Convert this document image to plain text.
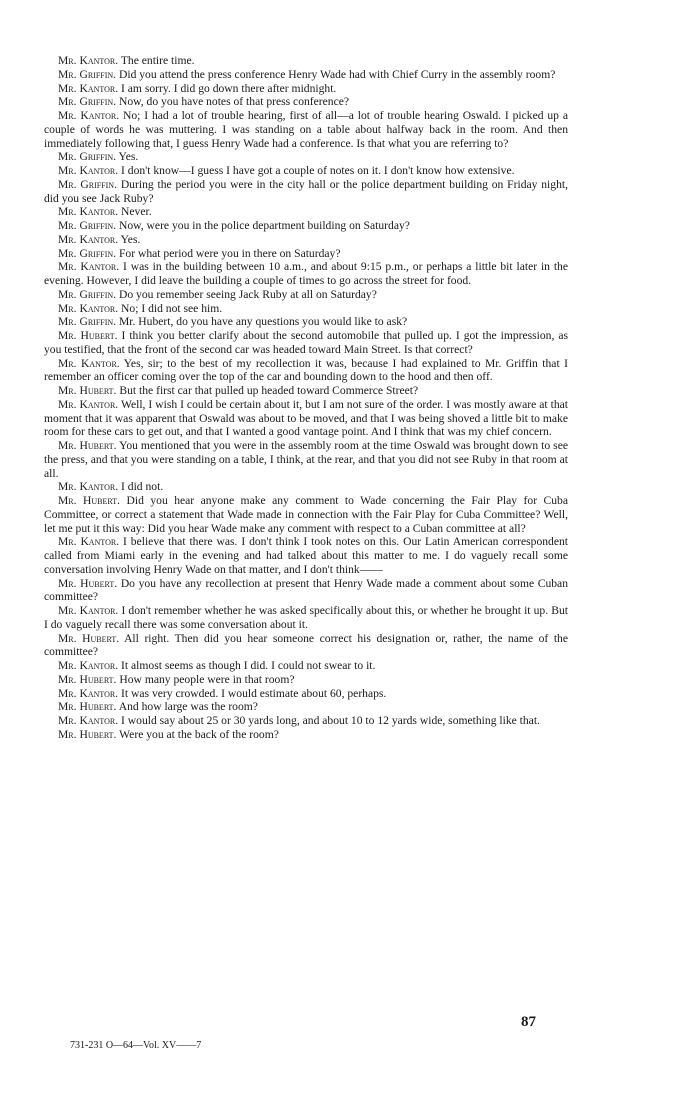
Mr. Kantor. The entire time.

Mr. Griffin. Did you attend the press conference Henry Wade had with Chief Curry in the assembly room?

Mr. Kantor. I am sorry. I did go down there after midnight.

Mr. Griffin. Now, do you have notes of that press conference?

Mr. Kantor. No; I had a lot of trouble hearing, first of all—a lot of trouble hearing Oswald. I picked up a couple of words he was muttering. I was standing on a table about halfway back in the room. And then immediately following that, I guess Henry Wade had a conference. Is that what you are referring to?

Mr. Griffin. Yes.

Mr. Kantor. I don't know—I guess I have got a couple of notes on it. I don't know how extensive.

Mr. Griffin. During the period you were in the city hall or the police department building on Friday night, did you see Jack Ruby?

Mr. Kantor. Never.

Mr. Griffin. Now, were you in the police department building on Saturday?

Mr. Kantor. Yes.

Mr. Griffin. For what period were you in there on Saturday?

Mr. Kantor. I was in the building between 10 a.m., and about 9:15 p.m., or perhaps a little bit later in the evening. However, I did leave the building a couple of times to go across the street for food.

Mr. Griffin. Do you remember seeing Jack Ruby at all on Saturday?

Mr. Kantor. No; I did not see him.

Mr. Griffin. Mr. Hubert, do you have any questions you would like to ask?

Mr. Hubert. I think you better clarify about the second automobile that pulled up. I got the impression, as you testified, that the front of the second car was headed toward Main Street. Is that correct?

Mr. Kantor. Yes, sir; to the best of my recollection it was, because I had explained to Mr. Griffin that I remember an officer coming over the top of the car and bounding down to the hood and then off.

Mr. Hubert. But the first car that pulled up headed toward Commerce Street?

Mr. Kantor. Well, I wish I could be certain about it, but I am not sure of the order. I was mostly aware at that moment that it was apparent that Oswald was about to be moved, and that I was being shoved a little bit to make room for these cars to get out, and that I wanted a good vantage point. And I think that was my chief concern.

Mr. Hubert. You mentioned that you were in the assembly room at the time Oswald was brought down to see the press, and that you were standing on a table, I think, at the rear, and that you did not see Ruby in that room at all.

Mr. Kantor. I did not.

Mr. Hubert. Did you hear anyone make any comment to Wade concerning the Fair Play for Cuba Committee, or correct a statement that Wade made in connection with the Fair Play for Cuba Committee? Well, let me put it this way: Did you hear Wade make any comment with respect to a Cuban committee at all?

Mr. Kantor. I believe that there was. I don't think I took notes on this. Our Latin American correspondent called from Miami early in the evening and had talked about this matter to me. I do vaguely recall some conversation involving Henry Wade on that matter, and I don't think——

Mr. Hubert. Do you have any recollection at present that Henry Wade made a comment about some Cuban committee?

Mr. Kantor. I don't remember whether he was asked specifically about this, or whether he brought it up. But I do vaguely recall there was some conversation about it.

Mr. Hubert. All right. Then did you hear someone correct his designation or, rather, the name of the committee?

Mr. Kantor. It almost seems as though I did. I could not swear to it.

Mr. Hubert. How many people were in that room?

Mr. Kantor. It was very crowded. I would estimate about 60, perhaps.

Mr. Hubert. And how large was the room?

Mr. Kantor. I would say about 25 or 30 yards long, and about 10 to 12 yards wide, something like that.

Mr. Hubert. Were you at the back of the room?

87
731-231 O—64—Vol. XV——7
